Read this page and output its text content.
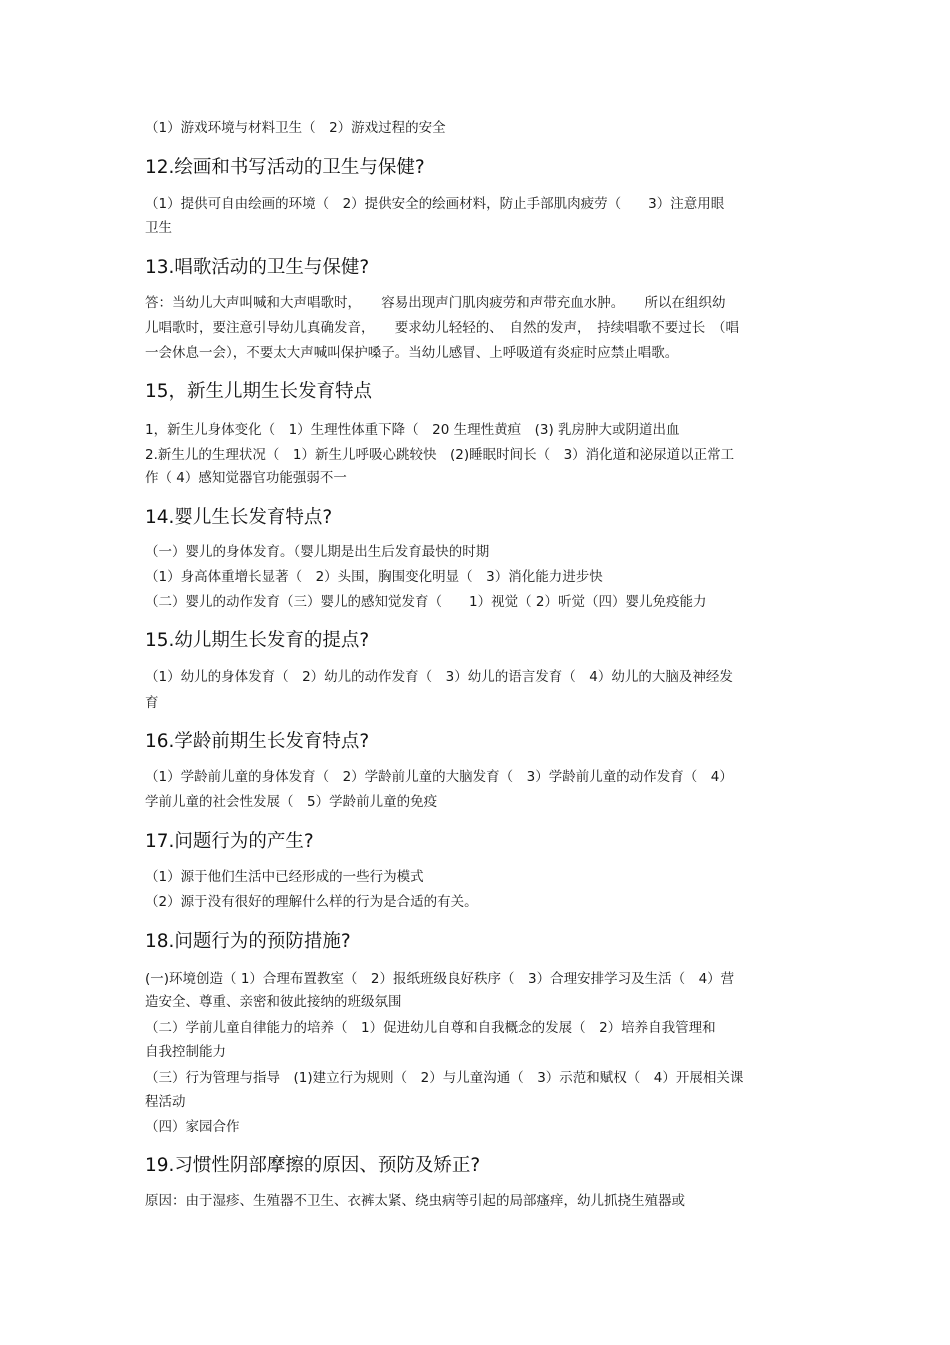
（1）游戏环境与材料卫生（　2）游戏过程的安全
12.绘画和书写活动的卫生与保健?
（1）提供可自由绘画的环境（　2）提供安全的绘画材料，防止手部肌肉疲劳（　　3）注意用眼
卫生
13.唱歌活动的卫生与保健?
答：当幼儿大声叫喊和大声唱歌时，　　容易出现声门肌肉疲劳和声带充血水肿。　　所以在组织幼
儿唱歌时，要注意引导幼儿真确发音，　　要求幼儿轻轻的、　自然的发声，　持续唱歌不要过长　（唱
一会休息一会），不要太大声喊叫保护嗓子。当幼儿感冒、上呼吸道有炎症时应禁止唱歌。
15，新生儿期生长发育特点
1，新生儿身体变化（　1）生理性体重下降（　20 生理性黄疸　(3) 乳房肿大或阴道出血
2.新生儿的生理状况（　1）新生儿呼吸心跳较快　(2)睡眠时间长（　3）消化道和泌尿道以正常工
作（ 4）感知觉器官功能强弱不一
14.婴儿生长发育特点?
（一）婴儿的身体发育。（婴儿期是出生后发育最快的时期
（1）身高体重增长显著（　2）头围，胸围变化明显（　3）消化能力进步快
（二）婴儿的动作发育（三）婴儿的感知觉发育（　　1）视觉（ 2）听觉（四）婴儿免疫能力
15.幼儿期生长发育的提点?
（1）幼儿的身体发育（　2）幼儿的动作发育（　3）幼儿的语言发育（　4）幼儿的大脑及神经发
育
16.学龄前期生长发育特点?
（1）学龄前儿童的身体发育（　2）学龄前儿童的大脑发育（　3）学龄前儿童的动作发育（　4）
学前儿童的社会性发展（　5）学龄前儿童的免疫
17.问题行为的产生?
（1）源于他们生活中已经形成的一些行为模式
（2）源于没有很好的理解什么样的行为是合适的有关。
18.问题行为的预防措施?
(一)环境创造（ 1）合理布置教室（　2）报纸班级良好秩序（　3）合理安排学习及生活（　4）营
造安全、尊重、亲密和彼此接纳的班级氛围
（二）学前儿童自律能力的培养（　1）促进幼儿自尊和自我概念的发展（　2）培养自我管理和
自我控制能力
（三）行为管理与指导　(1)建立行为规则（　2）与儿童沟通（　3）示范和赋权（　4）开展相关课
程活动
（四）家园合作
19.习惯性阴部摩擦的原因、预防及矫正?
原因：由于湿疹、生殖器不卫生、衣裤太紧、绕虫病等引起的局部瘙痒，幼儿抓挠生殖器或
